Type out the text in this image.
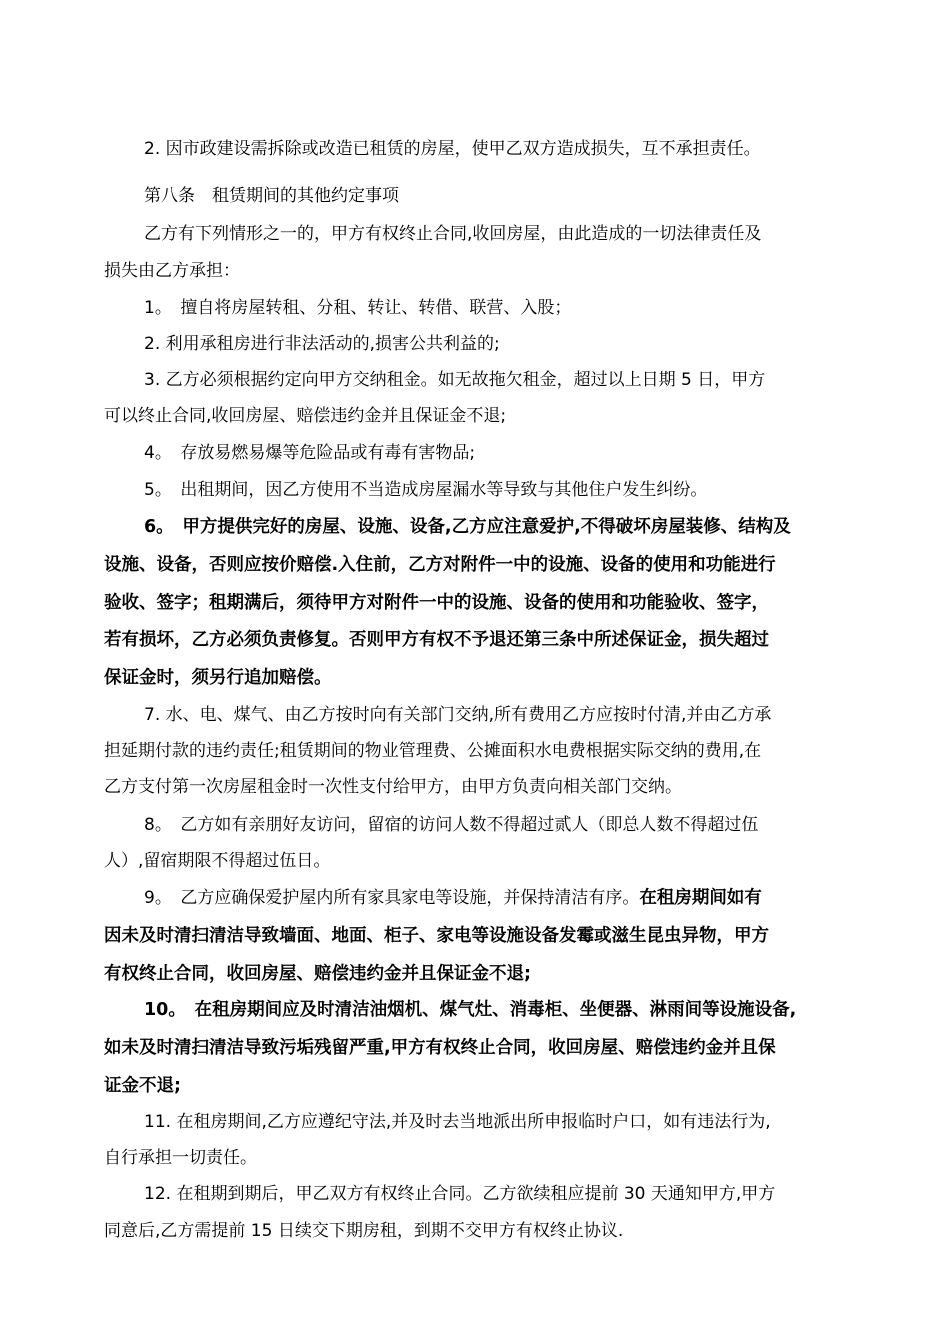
2. 因市政建设需拆除或改造已租赁的房屋，使甲乙双方造成损失，互不承担责任。
第八条　租赁期间的其他约定事项
乙方有下列情形之一的，甲方有权终止合同,收回房屋，由此造成的一切法律责任及
损失由乙方承担：
1。　擅自将房屋转租、分租、转让、转借、联营、入股；
2. 利用承租房进行非法活动的,损害公共利益的;
3. 乙方必须根据约定向甲方交纳租金。如无故拖欠租金，超过以上日期 5 日，甲方
可以终止合同,收回房屋、赔偿违约金并且保证金不退;
4。　存放易燃易爆等危险品或有毒有害物品;
5。　出租期间，因乙方使用不当造成房屋漏水等导致与其他住户发生纠纷。
6。　甲方提供完好的房屋、设施、设备,乙方应注意爱护,不得破坏房屋装修、结构及
设施、设备，否则应按价赔偿.入住前，乙方对附件一中的设施、设备的使用和功能进行
验收、签字；租期满后，须待甲方对附件一中的设施、设备的使用和功能验收、签字，
若有损坏，乙方必须负责修复。否则甲方有权不予退还第三条中所述保证金，损失超过
保证金时，须另行追加赔偿。
7. 水、电、煤气、由乙方按时向有关部门交纳,所有费用乙方应按时付清,并由乙方承
担延期付款的违约责任;租赁期间的物业管理费、公摊面积水电费根据实际交纳的费用,在
乙方支付第一次房屋租金时一次性支付给甲方，由甲方负责向相关部门交纳。
8。　乙方如有亲朋好友访问，留宿的访问人数不得超过贰人（即总人数不得超过伍
人）,留宿期限不得超过伍日。
9。　乙方应确保爱护屋内所有家具家电等设施，并保持清洁有序。在租房期间如有
因未及时清扫清洁导致墙面、地面、柜子、家电等设施设备发霉或滋生昆虫异物，甲方
有权终止合同，收回房屋、赔偿违约金并且保证金不退;
10。　在租房期间应及时清洁油烟机、煤气灶、消毒柜、坐便器、淋雨间等设施设备,
如未及时清扫清洁导致污垢残留严重,甲方有权终止合同，收回房屋、赔偿违约金并且保
证金不退;
11. 在租房期间,乙方应遵纪守法,并及时去当地派出所申报临时户口，如有违法行为,
自行承担一切责任。
12. 在租期到期后，甲乙双方有权终止合同。乙方欲续租应提前 30 天通知甲方,甲方
同意后,乙方需提前 15 日续交下期房租，到期不交甲方有权终止协议.
